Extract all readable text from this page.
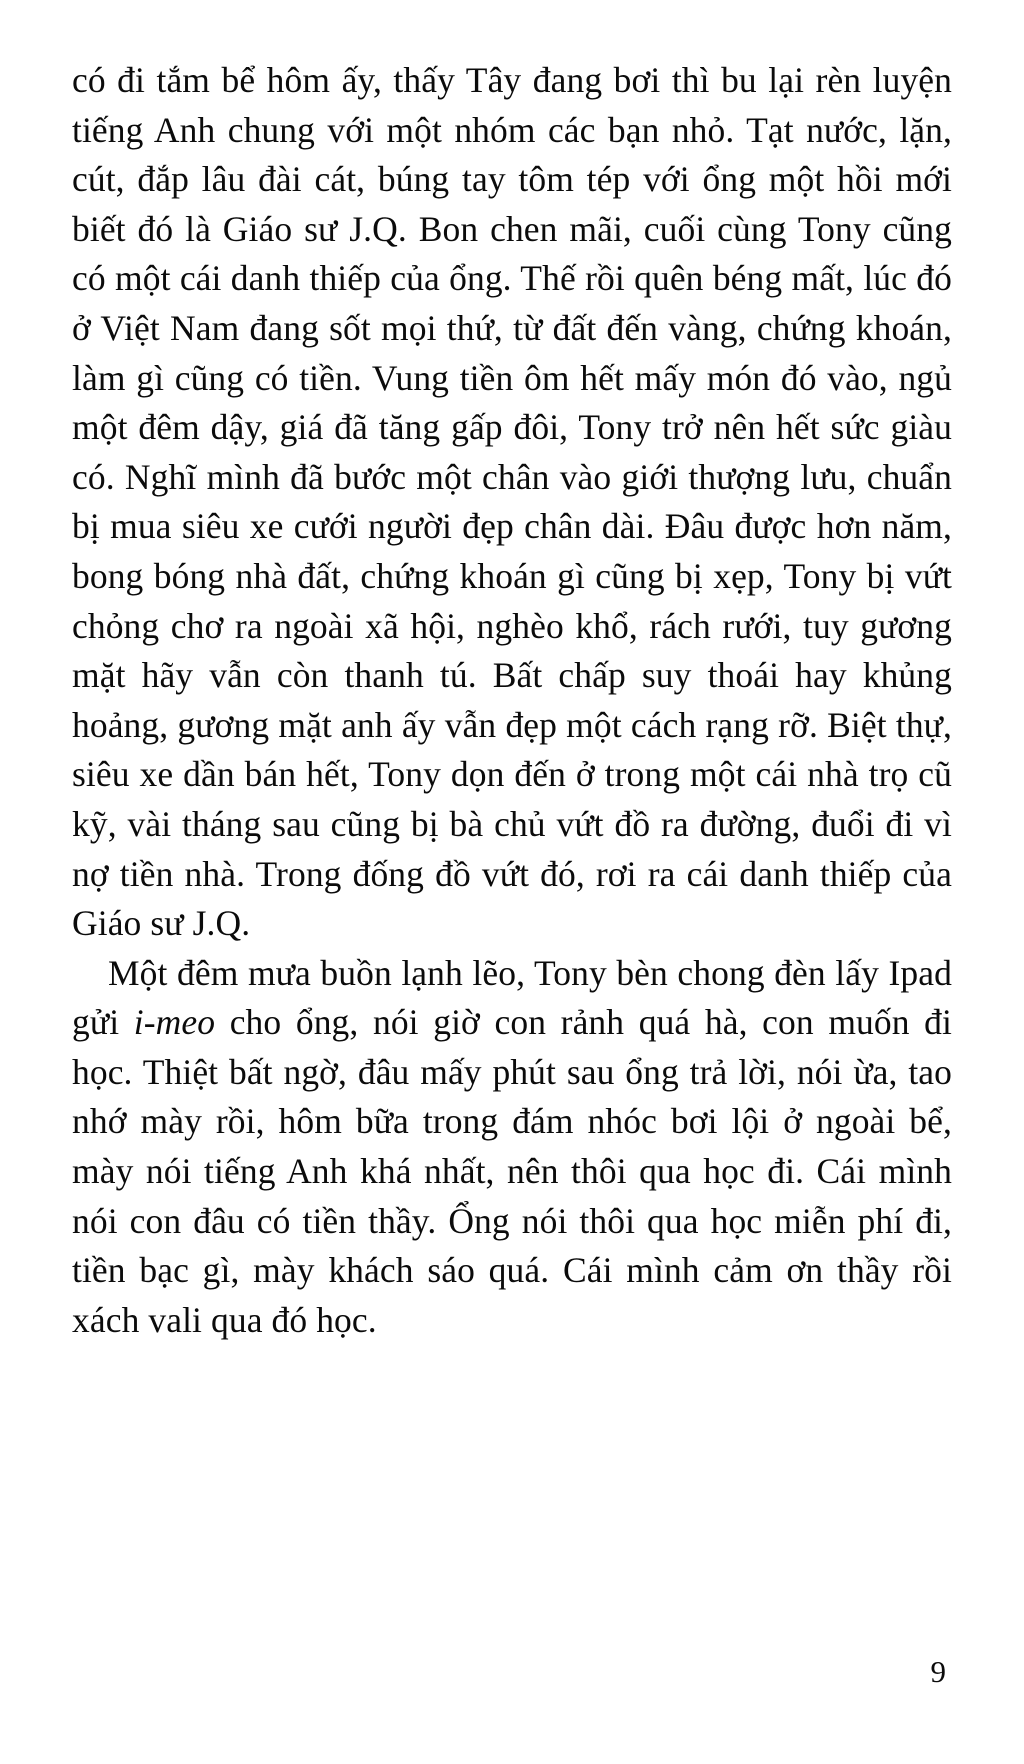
có đi tắm bể hôm ấy, thấy Tây đang bơi thì bu lại rèn luyện tiếng Anh chung với một nhóm các bạn nhỏ. Tạt nước, lặn, cút, đắp lâu đài cát, búng tay tôm tép với ổng một hồi mới biết đó là Giáo sư J.Q. Bon chen mãi, cuối cùng Tony cũng có một cái danh thiếp của ổng. Thế rồi quên béng mất, lúc đó ở Việt Nam đang sốt mọi thứ, từ đất đến vàng, chứng khoán, làm gì cũng có tiền. Vung tiền ôm hết mấy món đó vào, ngủ một đêm dậy, giá đã tăng gấp đôi, Tony trở nên hết sức giàu có. Nghĩ mình đã bước một chân vào giới thượng lưu, chuẩn bị mua siêu xe cưới người đẹp chân dài. Đâu được hơn năm, bong bóng nhà đất, chứng khoán gì cũng bị xẹp, Tony bị vứt chỏng chơ ra ngoài xã hội, nghèo khổ, rách rưới, tuy gương mặt hãy vẫn còn thanh tú. Bất chấp suy thoái hay khủng hoảng, gương mặt anh ấy vẫn đẹp một cách rạng rỡ. Biệt thự, siêu xe dần bán hết, Tony dọn đến ở trong một cái nhà trọ cũ kỹ, vài tháng sau cũng bị bà chủ vứt đồ ra đường, đuổi đi vì nợ tiền nhà. Trong đống đồ vứt đó, rơi ra cái danh thiếp của Giáo sư J.Q.

Một đêm mưa buồn lạnh lẽo, Tony bèn chong đèn lấy Ipad gửi i-meo cho ổng, nói giờ con rảnh quá hà, con muốn đi học. Thiệt bất ngờ, đâu mấy phút sau ổng trả lời, nói ừa, tao nhớ mày rồi, hôm bữa trong đám nhóc bơi lội ở ngoài bể, mày nói tiếng Anh khá nhất, nên thôi qua học đi. Cái mình nói con đâu có tiền thầy. Ổng nói thôi qua học miễn phí đi, tiền bạc gì, mày khách sáo quá. Cái mình cảm ơn thầy rồi xách vali qua đó học.

9
